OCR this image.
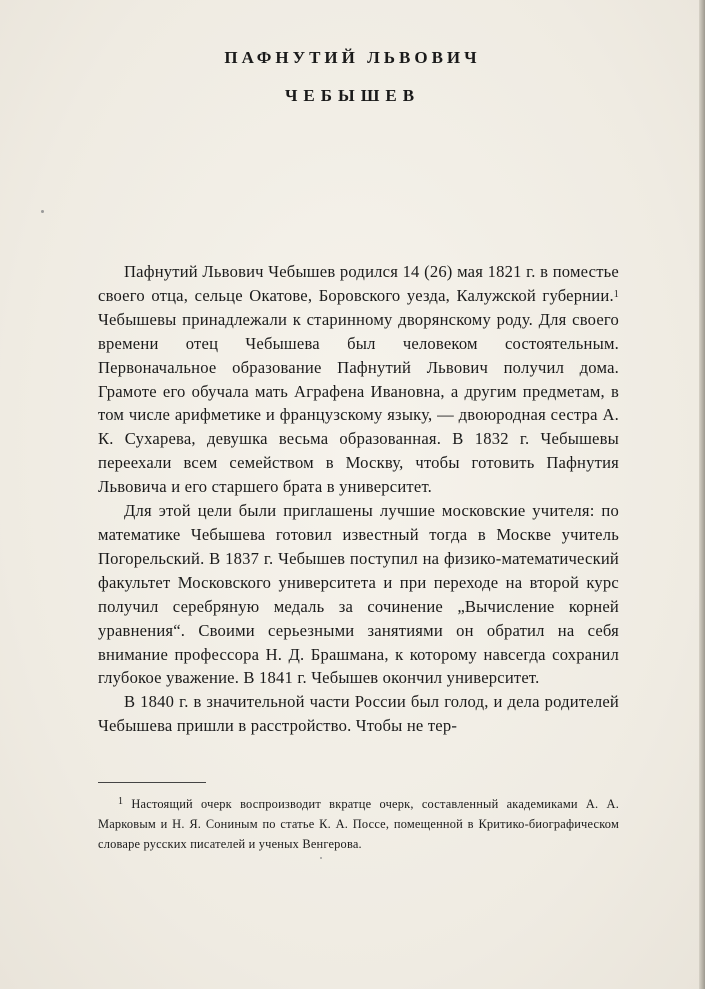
ПАФНУТИЙ ЛЬВОВИЧ
ЧЕБЫШЕВ

Пафнутий Львович Чебышев родился 14 (26) мая 1821 г. в поместье своего отца, сельце Окатове, Боровского уезда, Калужской губернии.$^1$ Чебышевы принадлежали к старинному дворянскому роду. Для своего времени отец Чебышева был человеком состоятельным. Первоначальное образование Пафнутий Львович получил дома. Грамоте его обучала мать Аграфена Ивановна, а другим предметам, в том числе арифметике и французскому языку, — двоюродная сестра А. К. Сухарева, девушка весьма образованная. В 1832 г. Чебышевы переехали всем семейством в Москву, чтобы готовить Пафнутия Львовича и его старшего брата в университет.

Для этой цели были приглашены лучшие московские учителя: по математике Чебышева готовил известный тогда в Москве учитель Погорельский. В 1837 г. Чебышев поступил на физико-математический факультет Московского университета и при переходе на второй курс получил серебряную медаль за сочинение „Вычисление корней уравнения“. Своими серьезными занятиями он обратил на себя внимание профессора Н. Д. Брашмана, к которому навсегда сохранил глубокое уважение. В 1841 г. Чебышев окончил университет.

В 1840 г. в значительной части России был голод, и дела родителей Чебышева пришли в расстройство. Чтобы не тер-

$^1$ Настоящий очерк воспроизводит вкратце очерк, составленный академиками А. А. Марковым и Н. Я. Сониным по статье К. А. Поссе, помещенной в Критико-биографическом словаре русских писателей и ученых Венгерова.
